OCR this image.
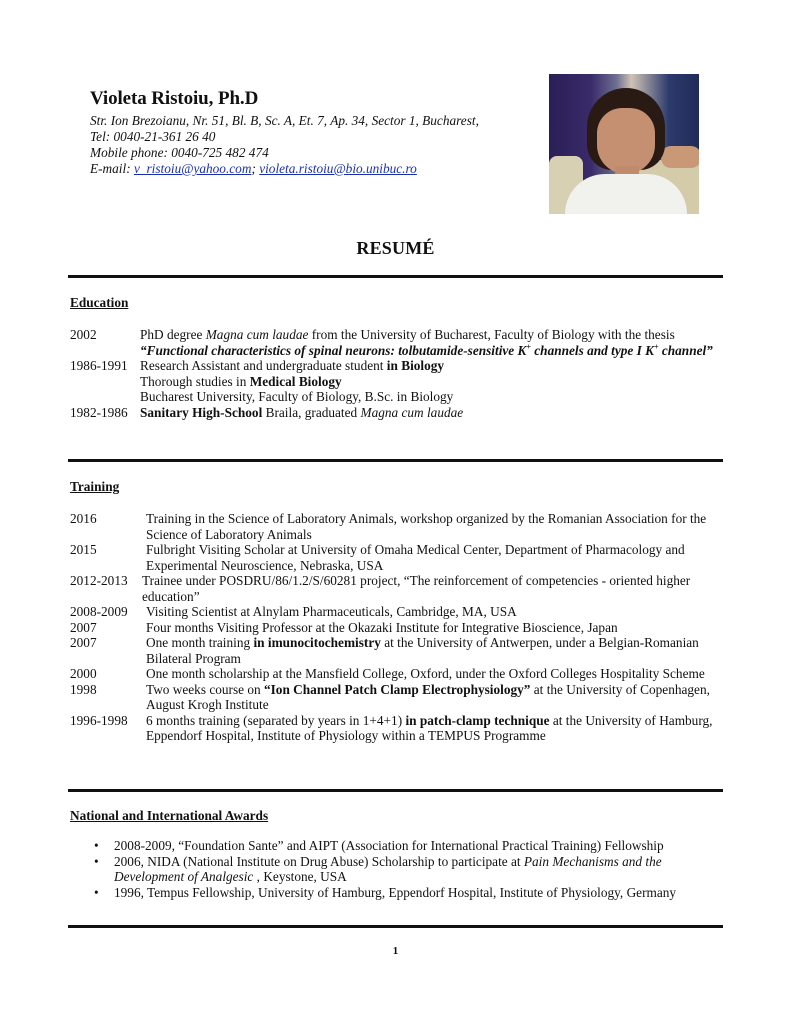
Violeta Ristoiu, Ph.D
Str. Ion Brezoianu, Nr. 51, Bl. B, Sc. A, Et. 7, Ap. 34, Sector 1, Bucharest,
Tel: 0040-21-361 26 40
Mobile phone: 0040-725 482 474
E-mail: v_ristoiu@yahoo.com; violeta.ristoiu@bio.unibuc.ro
RESUMÉ
Education
2002	PhD degree Magna cum laudae from the University of Bucharest, Faculty of Biology with the thesis “Functional characteristics of spinal neurons: tolbutamide-sensitive K+ channels and type I K+ channel”
1986-1991 Research Assistant and undergraduate student in Biology
Thorough studies in Medical Biology
Bucharest University, Faculty of Biology, B.Sc. in Biology
1982-1986 Sanitary High-School Braila, graduated Magna cum laudae
Training
2016	Training in the Science of Laboratory Animals, workshop organized by the Romanian Association for the Science of Laboratory Animals
2015	Fulbright Visiting Scholar at University of Omaha Medical Center, Department of Pharmacology and Experimental Neuroscience, Nebraska, USA
2012-2013 Trainee under POSDRU/86/1.2/S/60281 project, “The reinforcement of competencies - oriented higher education”
2008-2009 Visiting Scientist at Alnylam Pharmaceuticals, Cambridge, MA, USA
2007	Four months Visiting Professor at the Okazaki Institute for Integrative Bioscience, Japan
2007	One month training in imunocitochemistry at the University of Antwerpen, under a Belgian-Romanian Bilateral Program
2000	One month scholarship at the Mansfield College, Oxford, under the Oxford Colleges Hospitality Scheme
1998	Two weeks course on “Ion Channel Patch Clamp Electrophysiology” at the University of Copenhagen, August Krogh Institute
1996-1998 6 months training (separated by years in 1+4+1) in patch-clamp technique at the University of Hamburg, Eppendorf Hospital, Institute of Physiology within a TEMPUS Programme
National and International Awards
• 2008-2009, “Foundation Sante” and AIPT (Association for International Practical Training) Fellowship
• 2006, NIDA (National Institute on Drug Abuse) Scholarship to participate at Pain Mechanisms and the Development of Analgesic , Keystone, USA
• 1996, Tempus Fellowship, University of Hamburg, Eppendorf Hospital, Institute of Physiology, Germany
1
